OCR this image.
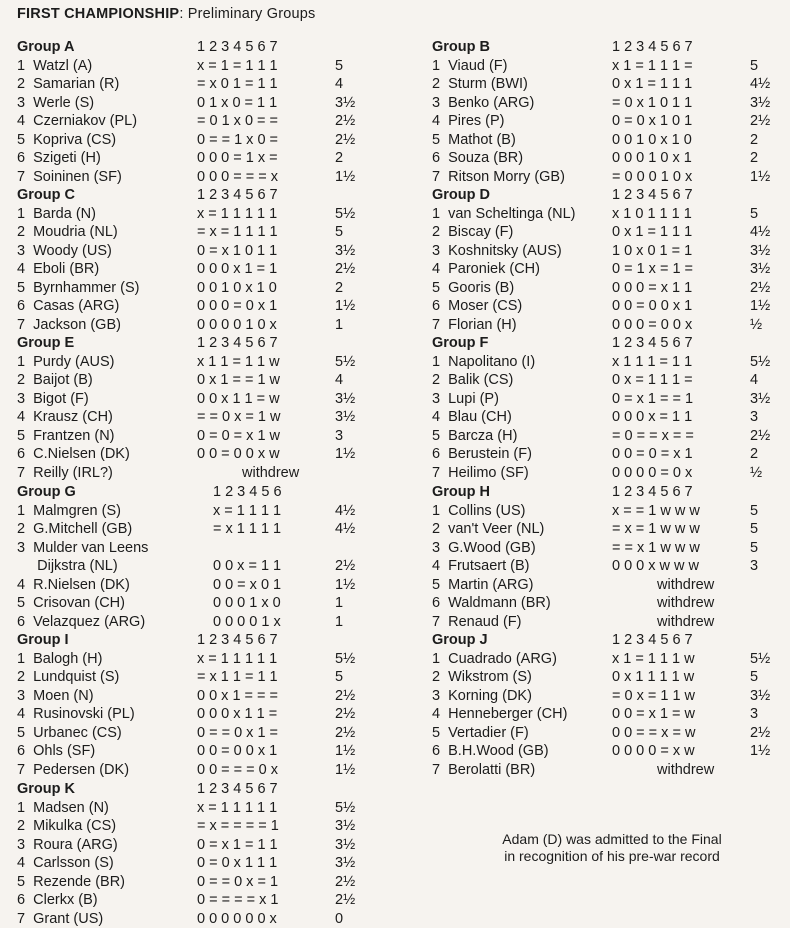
FIRST CHAMPIONSHIP: Preliminary Groups
Group A	1 2 3 4 5 6 7
1  Watzl (A)	x = 1 = 1 1 1	5
2  Samarian (R)	= x 0 1 = 1 1	4
3  Werle (S)	0 1 x 0 = 1 1	3½
4  Czerniakov (PL)	= 0 1 x 0 = =	2½
5  Kopriva (CS)	0 = = 1 x 0 =	2½
6  Szigeti (H)	0 0 0 = 1 x =	2
7  Soininen (SF)	0 0 0 = = = x	1½
Group B	1 2 3 4 5 6 7
1  Viaud (F)	x 1 = 1 1 1 =	5
2  Sturm (BWI)	0 x 1 = 1 1 1	4½
3  Benko (ARG)	= 0 x 1 0 1 1	3½
4  Pires (P)	0 = 0 x 1 0 1	2½
5  Mathot (B)	0 0 1 0 x 1 0	2
6  Souza (BR)	0 0 0 1 0 x 1	2
7  Ritson Morry (GB)	= 0 0 0 1 0 x	1½
Group C	1 2 3 4 5 6 7
1  Barda (N)	x = 1 1 1 1 1	5½
2  Moudria (NL)	= x = 1 1 1 1	5
3  Woody (US)	0 = x 1 0 1 1	3½
4  Eboli (BR)	0 0 0 x 1 = 1	2½
5  Byrnhammer (S)	0 0 1 0 x 1 0	2
6  Casas (ARG)	0 0 0 = 0 x 1	1½
7  Jackson (GB)	0 0 0 0 1 0 x	1
Group D	1 2 3 4 5 6 7
1  van Scheltinga (NL)	x 1 0 1 1 1 1	5
2  Biscay (F)	0 x 1 = 1 1 1	4½
3  Koshnitsky (AUS)	1 0 x 0 1 = 1	3½
4  Paroniek (CH)	0 = 1 x = 1 =	3½
5  Gooris (B)	0 0 0 = x 1 1	2½
6  Moser (CS)	0 0 = 0 0 x 1	1½
7  Florian (H)	0 0 0 = 0 0 x	½
Group E	1 2 3 4 5 6 7
1  Purdy (AUS)	x 1 1 = 1 1 w	5½
2  Baijot (B)	0 x 1 = = 1 w	4
3  Bigot (F)	0 0 x 1 1 = w	3½
4  Krausz (CH)	= = 0 x = 1 w	3½
5  Frantzen (N)	0 = 0 = x 1 w	3
6  C.Nielsen (DK)	0 0 = 0 0 x w	1½
7  Reilly (IRL?)	withdrew
Group F	1 2 3 4 5 6 7
1  Napolitano (I)	x 1 1 1 = 1 1	5½
2  Balik (CS)	0 x = 1 1 1 =	4
3  Lupi (P)	0 = x 1 = = 1	3½
4  Blau (CH)	0 0 0 x = 1 1	3
5  Barcza (H)	= 0 = = x = =	2½
6  Berustein (F)	0 0 = 0 = x 1	2
7  Heilimo (SF)	0 0 0 0 = 0 x	½
Group G	1 2 3 4 5 6
1  Malmgren (S)	x = 1 1 1 1	4½
2  G.Mitchell (GB)	= x 1 1 1 1	4½
3  Mulder van Leens
Dijkstra (NL)	0 0 x = 1 1	2½
4  R.Nielsen (DK)	0 0 = x 0 1	1½
5  Crisovan (CH)	0 0 0 1 x 0	1
6  Velazquez (ARG)	0 0 0 0 1 x	1
Group H	1 2 3 4 5 6 7
1  Collins (US)	x = = 1 w w w	5
2  van't Veer (NL)	= x = 1 w w w	5
3  G.Wood (GB)	= = x 1 w w w	5
4  Frutsaert (B)	0 0 0 x w w w	3
5  Martin (ARG)	withdrew
6  Waldmann (BR)	withdrew
7  Renaud (F)	withdrew
Group I	1 2 3 4 5 6 7
1  Balogh (H)	x = 1 1 1 1 1	5½
2  Lundquist (S)	= x 1 1 = 1 1	5
3  Moen (N)	0 0 x 1 = = =	2½
4  Rusinovski (PL)	0 0 0 x 1 1 =	2½
5  Urbanec (CS)	0 = = 0 x 1 =	2½
6  Ohls (SF)	0 0 = 0 0 x 1	1½
7  Pedersen (DK)	0 0 = = = 0 x	1½
Group J	1 2 3 4 5 6 7
1  Cuadrado (ARG)	x 1 = 1 1 1 w	5½
2  Wikstrom (S)	0 x 1 1 1 1 w	5
3  Korning (DK)	= 0 x = 1 1 w	3½
4  Henneberger (CH)	0 0 = x 1 = w	3
5  Vertadier (F)	0 0 = = x = w	2½
6  B.H.Wood (GB)	0 0 0 0 = x w	1½
7  Berolatti (BR)	withdrew
Group K	1 2 3 4 5 6 7
1  Madsen (N)	x = 1 1 1 1 1	5½
2  Mikulka (CS)	= x = = = = 1	3½
3  Roura (ARG)	0 = x 1 = 1 1	3½
4  Carlsson (S)	0 = 0 x 1 1 1	3½
5  Rezende (BR)	0 = = 0 x = 1	2½
6  Clerkx (B)	0 = = = = x 1	2½
7  Grant (US)	0 0 0 0 0 0 x	0
Adam (D) was admitted to the Final
in recognition of his pre-war record
